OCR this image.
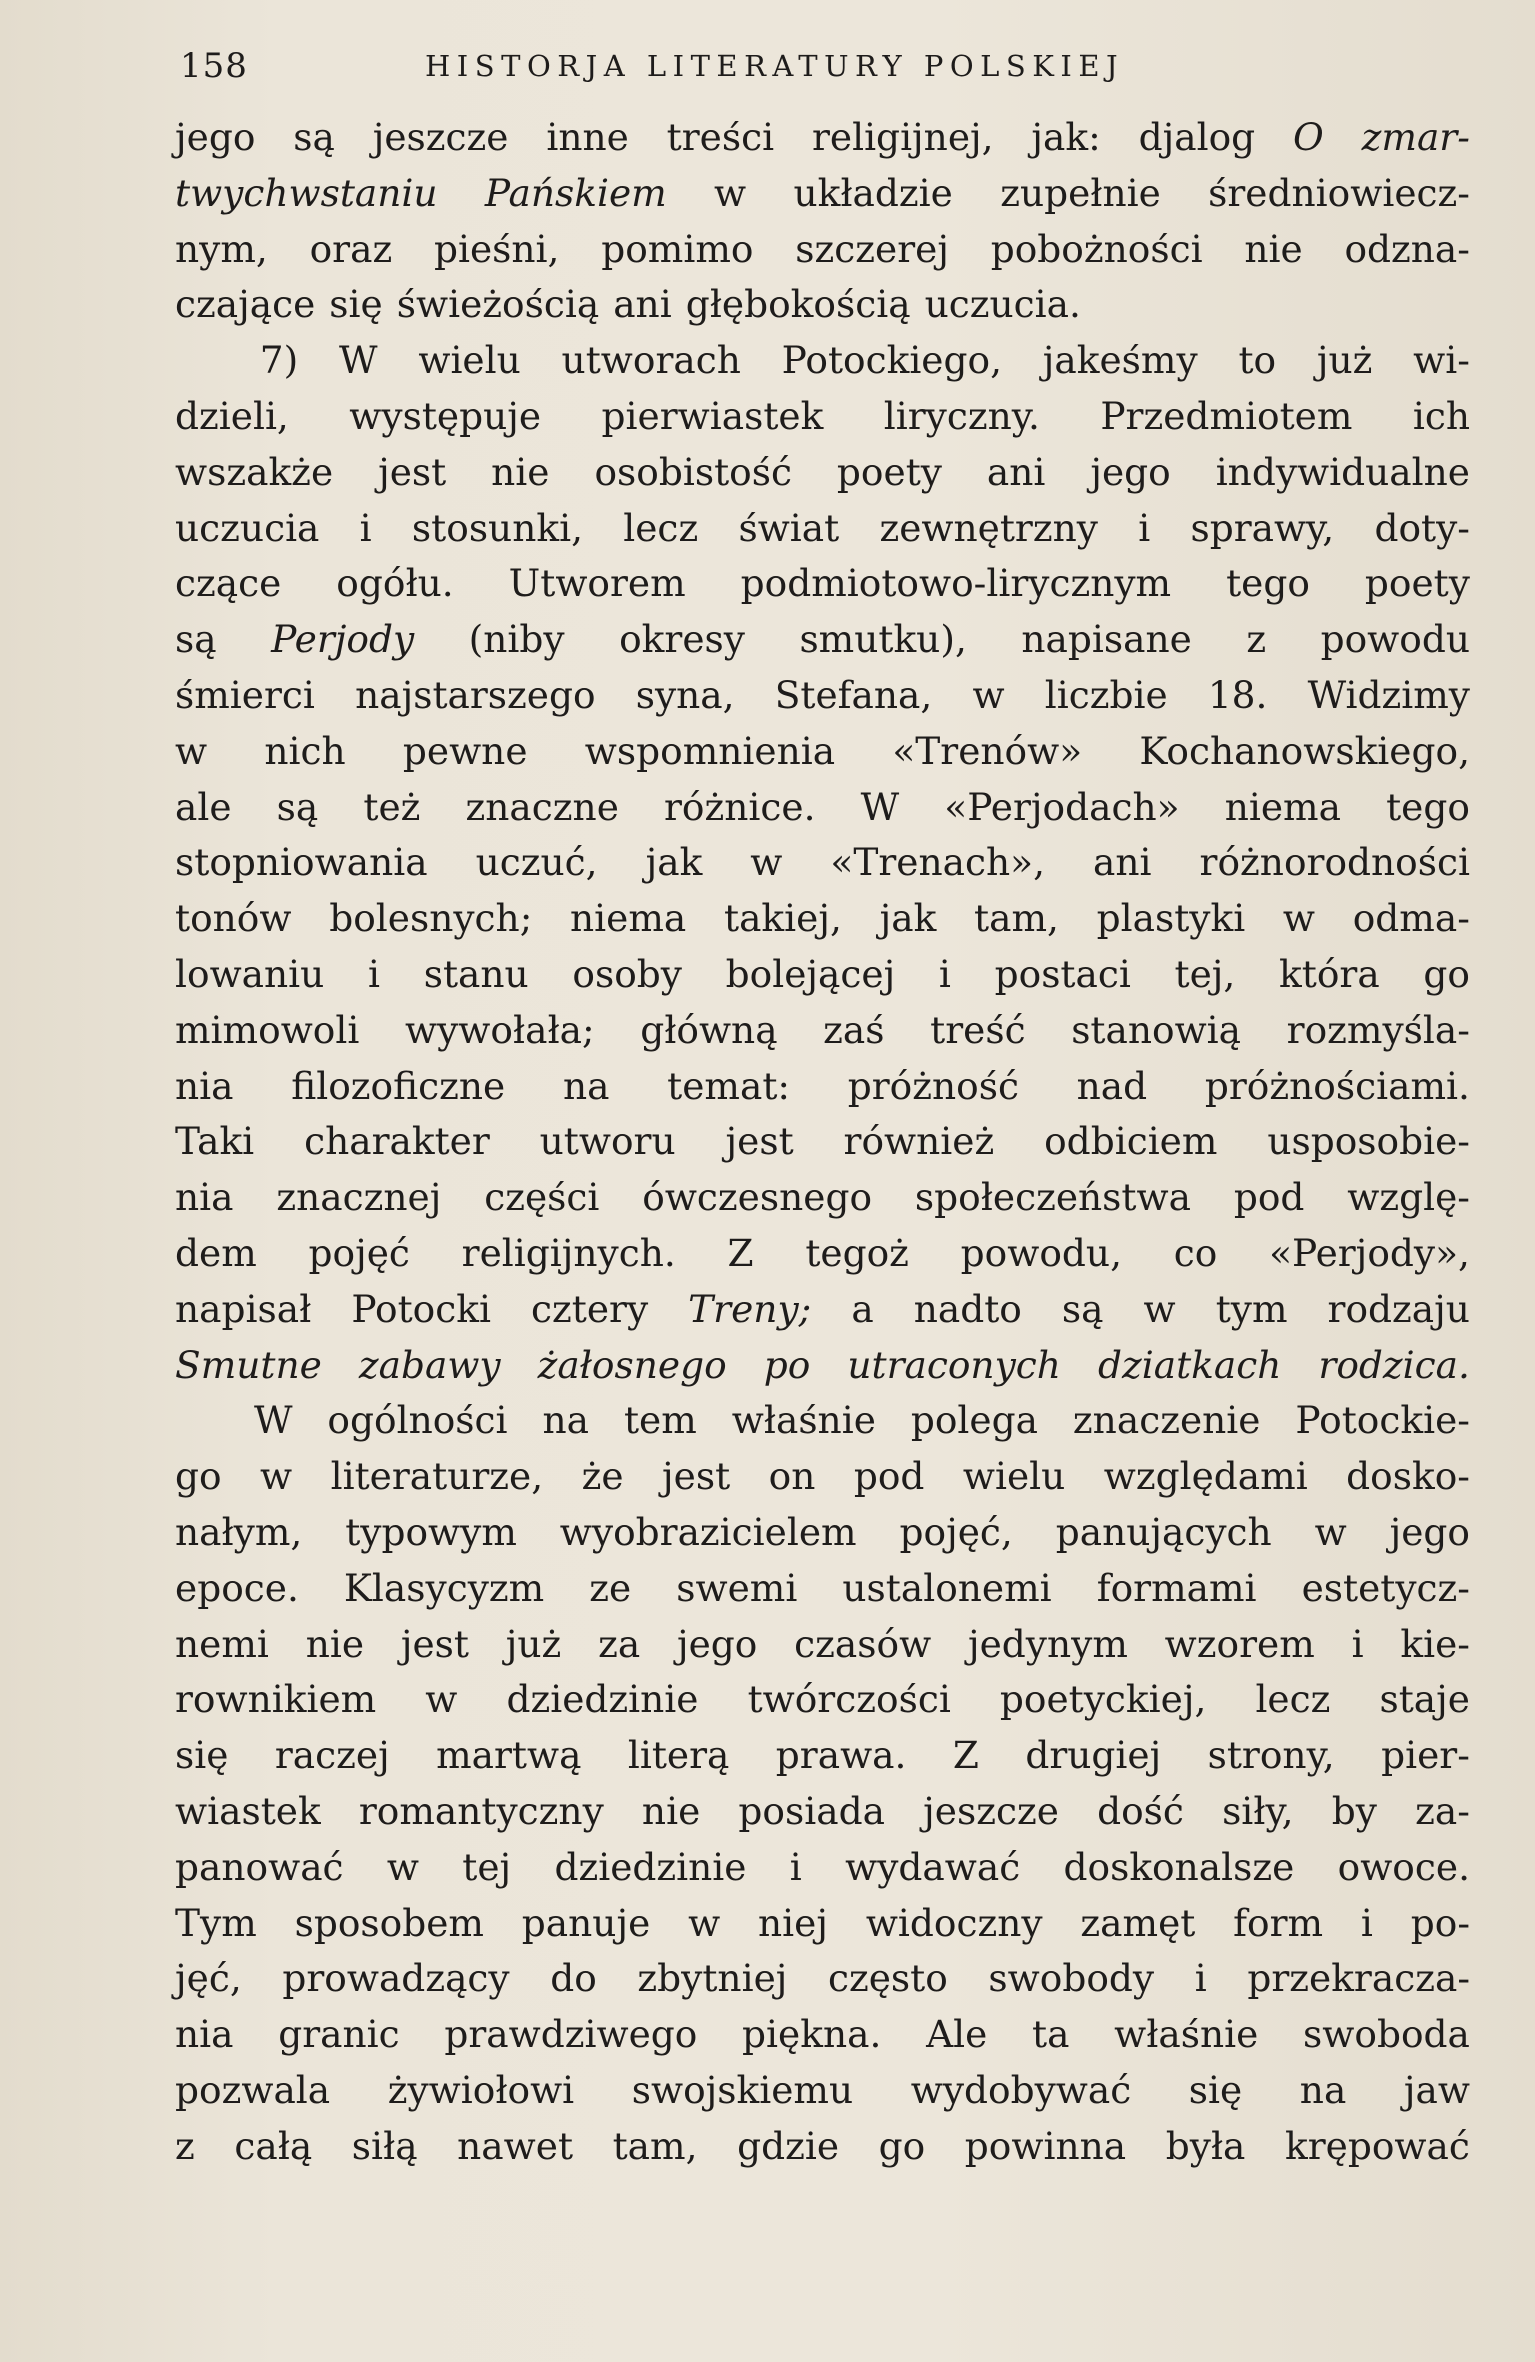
158	HISTORJA LITERATURY POLSKIEJ
jego są jeszcze inne treści religijnej, jak: djalog O zmar-
twychwstaniu Pańskiem w układzie zupełnie średniowiecz-
nym, oraz pieśni, pomimo szczerej pobożności nie odzna-
czające się świeżością ani głębokością uczucia.
7) W wielu utworach Potockiego, jakeśmy to już wi-
dzieli, występuje pierwiastek liryczny. Przedmiotem ich
wszakże jest nie osobistość poety ani jego indywidualne
uczucia i stosunki, lecz świat zewnętrzny i sprawy, doty-
czące ogółu. Utworem podmiotowo-lirycznym tego poety
są Perjody (niby okresy smutku), napisane z powodu
śmierci najstarszego syna, Stefana, w liczbie 18. Widzimy
w nich pewne wspomnienia «Trenów» Kochanowskiego,
ale są też znaczne różnice. W «Perjodach» niema tego
stopniowania uczuć, jak w «Trenach», ani różnorodności
tonów bolesnych; niema takiej, jak tam, plastyki w odma-
lowaniu i stanu osoby bolejącej i postaci tej, która go
mimowoli wywołała; główną zaś treść stanowią rozmyśla-
nia filozoficzne na temat: próżność nad próżnościami.
Taki charakter utworu jest również odbiciem usposobie-
nia znacznej części ówczesnego społeczeństwa pod wzglę-
dem pojęć religijnych. Z tegoż powodu, co «Perjody»,
napisał Potocki cztery Treny; a nadto są w tym rodzaju
Smutne zabawy żałosnego po utraconych dziatkach rodzica.
W ogólności na tem właśnie polega znaczenie Potockie-
go w literaturze, że jest on pod wielu względami dosko-
nałym, typowym wyobrazicielem pojęć, panujących w jego
epoce. Klasycyzm ze swemi ustalonemi formami estetycz-
nemi nie jest już za jego czasów jedynym wzorem i kie-
rownikiem w dziedzinie twórczości poetyckiej, lecz staje
się raczej martwą literą prawa. Z drugiej strony, pier-
wiastek romantyczny nie posiada jeszcze dość siły, by za-
panować w tej dziedzinie i wydawać doskonalsze owoce.
Tym sposobem panuje w niej widoczny zamęt form i po-
jęć, prowadzący do zbytniej często swobody i przekracza-
nia granic prawdziwego piękna. Ale ta właśnie swoboda
pozwala żywiołowi swojskiemu wydobywać się na jaw
z całą siłą nawet tam, gdzie go powinna była krępować
